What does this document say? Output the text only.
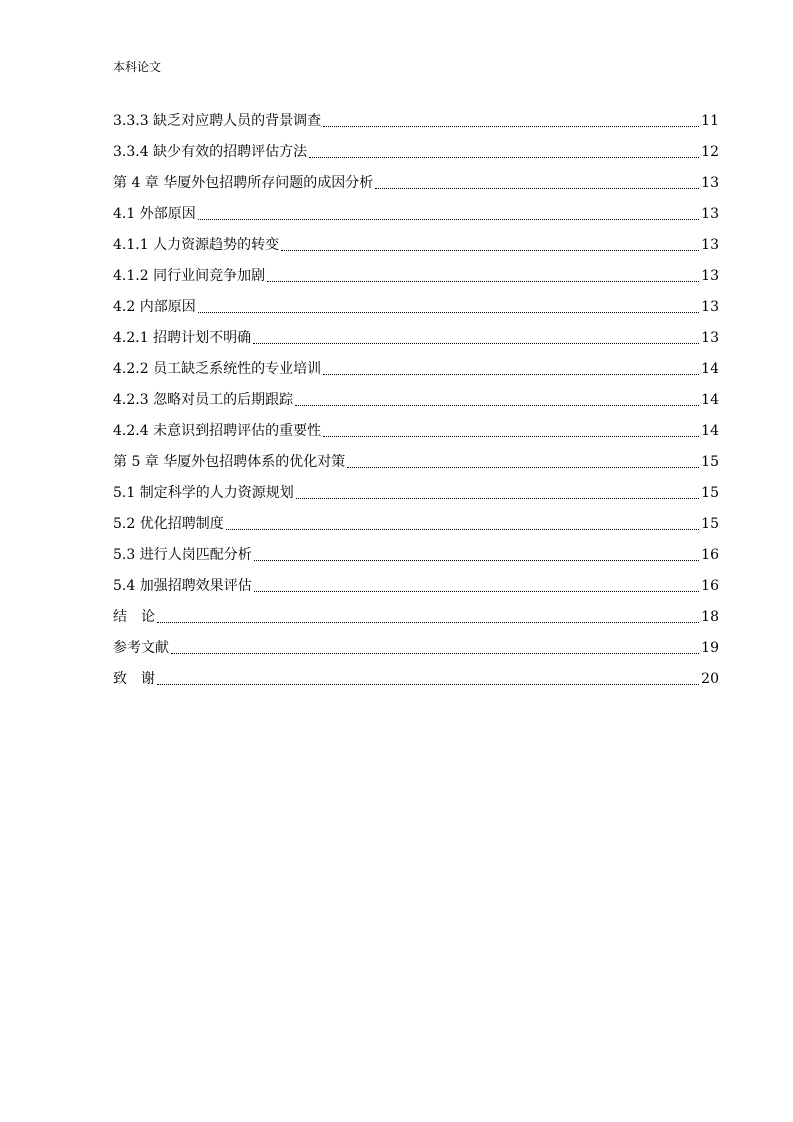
本科论文
3.3.3 缺乏对应聘人员的背景调查	11
3.3.4 缺少有效的招聘评估方法	12
第 4 章 华厦外包招聘所存问题的成因分析	13
4.1 外部原因	13
4.1.1 人力资源趋势的转变	13
4.1.2 同行业间竞争加剧	13
4.2 内部原因	13
4.2.1 招聘计划不明确	13
4.2.2 员工缺乏系统性的专业培训	14
4.2.3 忽略对员工的后期跟踪	14
4.2.4 未意识到招聘评估的重要性	14
第 5 章 华厦外包招聘体系的优化对策	15
5.1 制定科学的人力资源规划	15
5.2 优化招聘制度	15
5.3 进行人岗匹配分析	16
5.4 加强招聘效果评估	16
结　论	18
参考文献	19
致　谢	20
